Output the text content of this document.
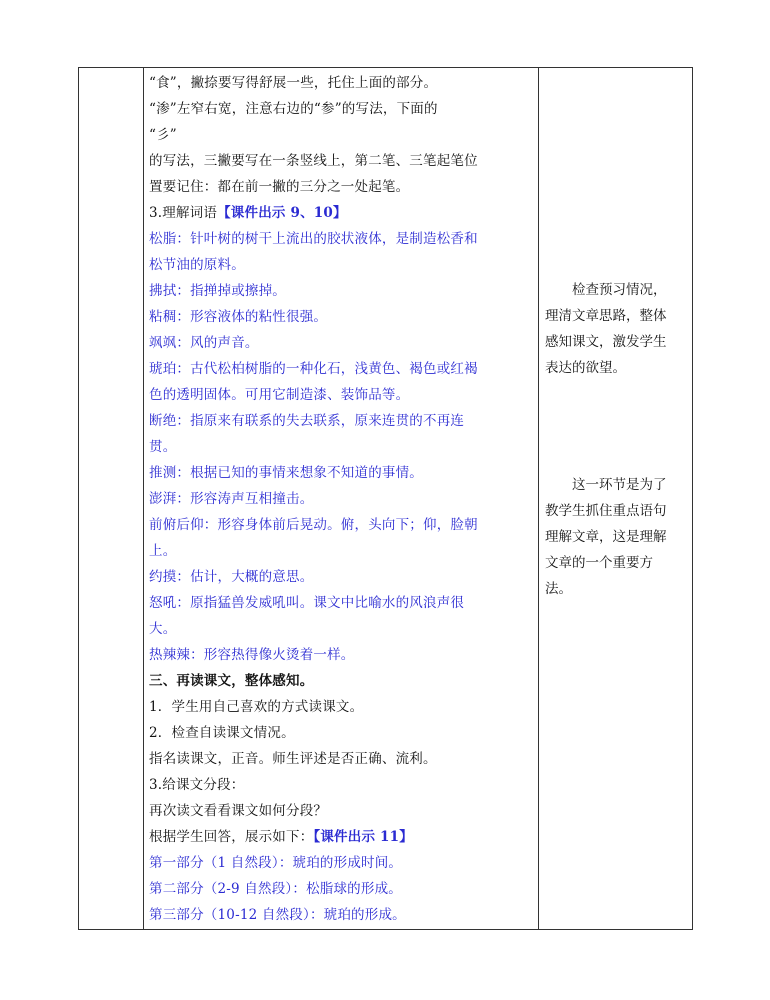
“食”，撇捺要写得舒展一些，托住上面的部分。
“渗”左窄右宽，注意右边的“参”的写法，下面的
“彡”
的写法，三撇要写在一条竖线上，第二笔、三笔起笔位
置要记住：都在前一撇的三分之一处起笔。
3.理解词语【课件出示 9、10】
松脂：针叶树的树干上流出的胶状液体，是制造松香和
松节油的原料。
拂拭：指掸掉或擦掉。
粘稠：形容液体的粘性很强。
飒飒：风的声音。
琥珀：古代松柏树脂的一种化石，浅黄色、褐色或红褐
色的透明固体。可用它制造漆、装饰品等。
断绝：指原来有联系的失去联系，原来连贯的不再连
贯。
推测：根据已知的事情来想象不知道的事情。
澎湃：形容涛声互相撞击。
前俯后仰：形容身体前后晃动。俯，头向下；仰，脸朝
上。
约摸：估计，大概的意思。
怒吼：原指猛兽发威吼叫。课文中比喻水的风浪声很
大。
热辣辣：形容热得像火烫着一样。
三、再读课文，整体感知。
1．学生用自己喜欢的方式读课文。
2．检查自读课文情况。
指名读课文，正音。师生评述是否正确、流利。
3.给课文分段：
再次读文看看课文如何分段？
根据学生回答，展示如下：【课件出示 11】
第一部分（1 自然段）：琥珀的形成时间。
第二部分（2-9 自然段）：松脂球的形成。
第三部分（10-12 自然段）：琥珀的形成。
检查预习情况，
理清文章思路，整体
感知课文，激发学生
表达的欲望。
这一环节是为了
教学生抓住重点语句
理解文章，这是理解
文章的一个重要方
法。
